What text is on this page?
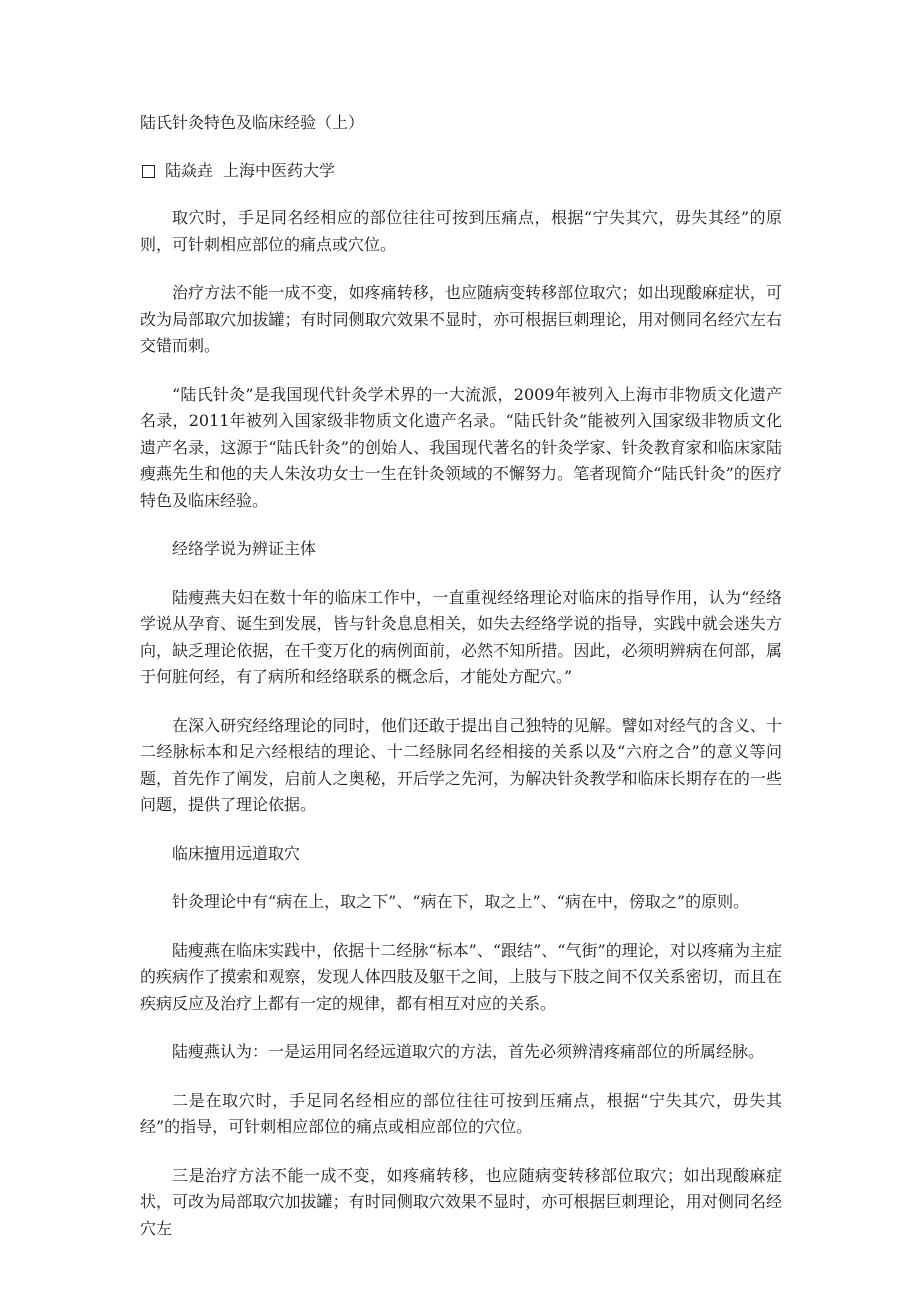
陆氏针灸特色及临床经验（上）
陆焱垚 上海中医药大学

取穴时，手足同名经相应的部位往往可按到压痛点，根据“宁失其穴，毋失其经”的原则，可针刺相应部位的痛点或穴位。

治疗方法不能一成不变，如疼痛转移，也应随病变转移部位取穴；如出现酸麻症状，可改为局部取穴加拔罐；有时同侧取穴效果不显时，亦可根据巨刺理论，用对侧同名经穴左右交错而刺。

“陆氏针灸”是我国现代针灸学术界的一大流派，2009年被列入上海市非物质文化遗产名录，2011年被列入国家级非物质文化遗产名录。“陆氏针灸”能被列入国家级非物质文化遗产名录，这源于“陆氏针灸”的创始人、我国现代著名的针灸学家、针灸教育家和临床家陆瘦燕先生和他的夫人朱汝功女士一生在针灸领域的不懈努力。笔者现简介“陆氏针灸”的医疗特色及临床经验。

经络学说为辨证主体

陆瘦燕夫妇在数十年的临床工作中，一直重视经络理论对临床的指导作用，认为“经络学说从孕育、诞生到发展，皆与针灸息息相关，如失去经络学说的指导，实践中就会迷失方向，缺乏理论依据，在千变万化的病例面前，必然不知所措。因此，必须明辨病在何部，属于何脏何经，有了病所和经络联系的概念后，才能处方配穴。”

在深入研究经络理论的同时，他们还敢于提出自己独特的见解。譬如对经气的含义、十二经脉标本和足六经根结的理论、十二经脉同名经相接的关系以及“六府之合”的意义等问题，首先作了阐发，启前人之奥秘，开后学之先河，为解决针灸教学和临床长期存在的一些问题，提供了理论依据。

临床擅用远道取穴

针灸理论中有“病在上，取之下”、“病在下，取之上”、“病在中，傍取之”的原则。

陆瘦燕在临床实践中，依据十二经脉“标本”、“跟结”、“气街”的理论，对以疼痛为主症的疾病作了摸索和观察，发现人体四肢及躯干之间，上肢与下肢之间不仅关系密切，而且在疾病反应及治疗上都有一定的规律，都有相互对应的关系。

陆瘦燕认为：一是运用同名经远道取穴的方法，首先必须辨清疼痛部位的所属经脉。

二是在取穴时，手足同名经相应的部位往往可按到压痛点，根据“宁失其穴，毋失其经”的指导，可针刺相应部位的痛点或相应部位的穴位。

三是治疗方法不能一成不变，如疼痛转移，也应随病变转移部位取穴；如出现酸麻症状，可改为局部取穴加拔罐；有时同侧取穴效果不显时，亦可根据巨刺理论，用对侧同名经穴左
